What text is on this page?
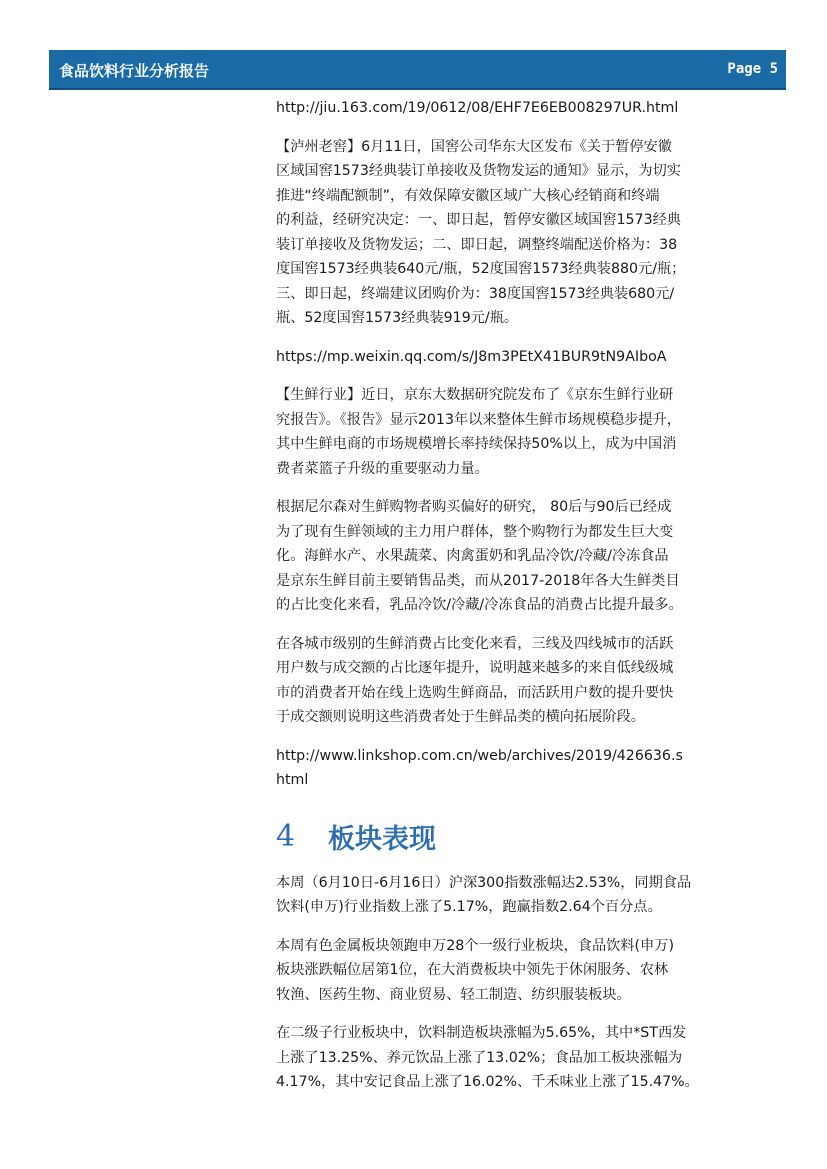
食品饮料行业分析报告	Page 5

http://jiu.163.com/19/0612/08/EHF7E6EB008297UR.html

【泸州老窖】6月11日，国窖公司华东大区发布《关于暂停安徽
区域国窖1573经典装订单接收及货物发运的通知》显示，为切实
推进“终端配额制”，有效保障安徽区域广大核心经销商和终端
的利益，经研究决定：一、即日起，暂停安徽区域国窖1573经典
装订单接收及货物发运；二、即日起，调整终端配送价格为：38
度国窖1573经典装640元/瓶，52度国窖1573经典装880元/瓶；
三、即日起，终端建议团购价为：38度国窖1573经典装680元/
瓶、52度国窖1573经典装919元/瓶。

https://mp.weixin.qq.com/s/J8m3PEtX41BUR9tN9AIboA

【生鲜行业】近日，京东大数据研究院发布了《京东生鲜行业研
究报告》。《报告》显示2013年以来整体生鲜市场规模稳步提升，
其中生鲜电商的市场规模增长率持续保持50%以上，成为中国消
费者菜篮子升级的重要驱动力量。

根据尼尔森对生鲜购物者购买偏好的研究， 80后与90后已经成
为了现有生鲜领域的主力用户群体，整个购物行为都发生巨大变
化。海鲜水产、水果蔬菜、肉禽蛋奶和乳品冷饮/冷藏/冷冻食品
是京东生鲜目前主要销售品类，而从2017-2018年各大生鲜类目
的占比变化来看，乳品冷饮/冷藏/冷冻食品的消费占比提升最多。

在各城市级别的生鲜消费占比变化来看，三线及四线城市的活跃
用户数与成交额的占比逐年提升，说明越来越多的来自低线级城
市的消费者开始在线上选购生鲜商品，而活跃用户数的提升要快
于成交额则说明这些消费者处于生鲜品类的横向拓展阶段。

http://www.linkshop.com.cn/web/archives/2019/426636.s
html

4	板块表现

本周（6月10日-6月16日）沪深300指数涨幅达2.53%，同期食品
饮料(申万)行业指数上涨了5.17%，跑赢指数2.64个百分点。

本周有色金属板块领跑申万28个一级行业板块，食品饮料(申万)
板块涨跌幅位居第1位，在大消费板块中领先于休闲服务、农林
牧渔、医药生物、商业贸易、轻工制造、纺织服装板块。

在二级子行业板块中，饮料制造板块涨幅为5.65%，其中*ST西发
上涨了13.25%、养元饮品上涨了13.02%；食品加工板块涨幅为
4.17%，其中安记食品上涨了16.02%、千禾味业上涨了15.47%。
